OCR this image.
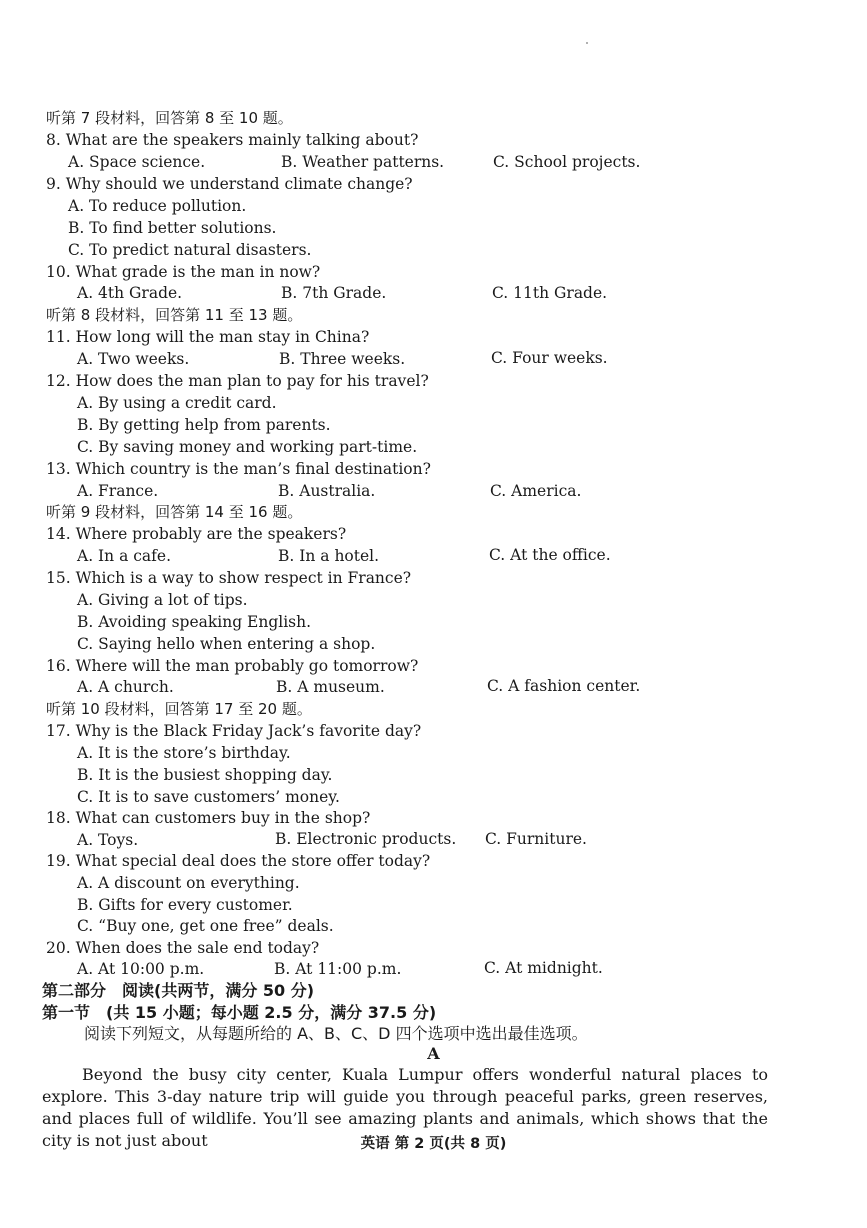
听第 7 段材料，回答第 8 至 10 题。
8. What are the speakers mainly talking about?
A. Space science.	B. Weather patterns.	C. School projects.
9. Why should we understand climate change?
A. To reduce pollution.
B. To find better solutions.
C. To predict natural disasters.
10. What grade is the man in now?
A. 4th Grade.	B. 7th Grade.	C. 11th Grade.
听第 8 段材料，回答第 11 至 13 题。
11. How long will the man stay in China?
A. Two weeks.	B. Three weeks.	C. Four weeks.
12. How does the man plan to pay for his travel?
A. By using a credit card.
B. By getting help from parents.
C. By saving money and working part-time.
13. Which country is the man’s final destination?
A. France.	B. Australia.	C. America.
听第 9 段材料，回答第 14 至 16 题。
14. Where probably are the speakers?
A. In a cafe.	B. In a hotel.	C. At the office.
15. Which is a way to show respect in France?
A. Giving a lot of tips.
B. Avoiding speaking English.
C. Saying hello when entering a shop.
16. Where will the man probably go tomorrow?
A. A church.	B. A museum.	C. A fashion center.
听第 10 段材料，回答第 17 至 20 题。
17. Why is the Black Friday Jack’s favorite day?
A. It is the store’s birthday.
B. It is the busiest shopping day.
C. It is to save customers’ money.
18. What can customers buy in the shop?
A. Toys.	B. Electronic products. C. Furniture.
19. What special deal does the store offer today?
A. A discount on everything.
B. Gifts for every customer.
C. “Buy one, get one free” deals.
20. When does the sale end today?
A. At 10:00 p.m.	B. At 11:00 p.m.	C. At midnight.
第二部分　阅读(共两节，满分 50 分)
第一节　(共 15 小题；每小题 2.5 分，满分 37.5 分)
阅读下列短文，从每题所给的 A、B、C、D 四个选项中选出最佳选项。
A
Beyond the busy city center, Kuala Lumpur offers wonderful natural places to explore. This 3-day nature trip will guide you through peaceful parks, green reserves, and places full of wildlife. You’ll see amazing plants and animals, which shows that the city is not just about	英语 第 2 页(共 8 页)
